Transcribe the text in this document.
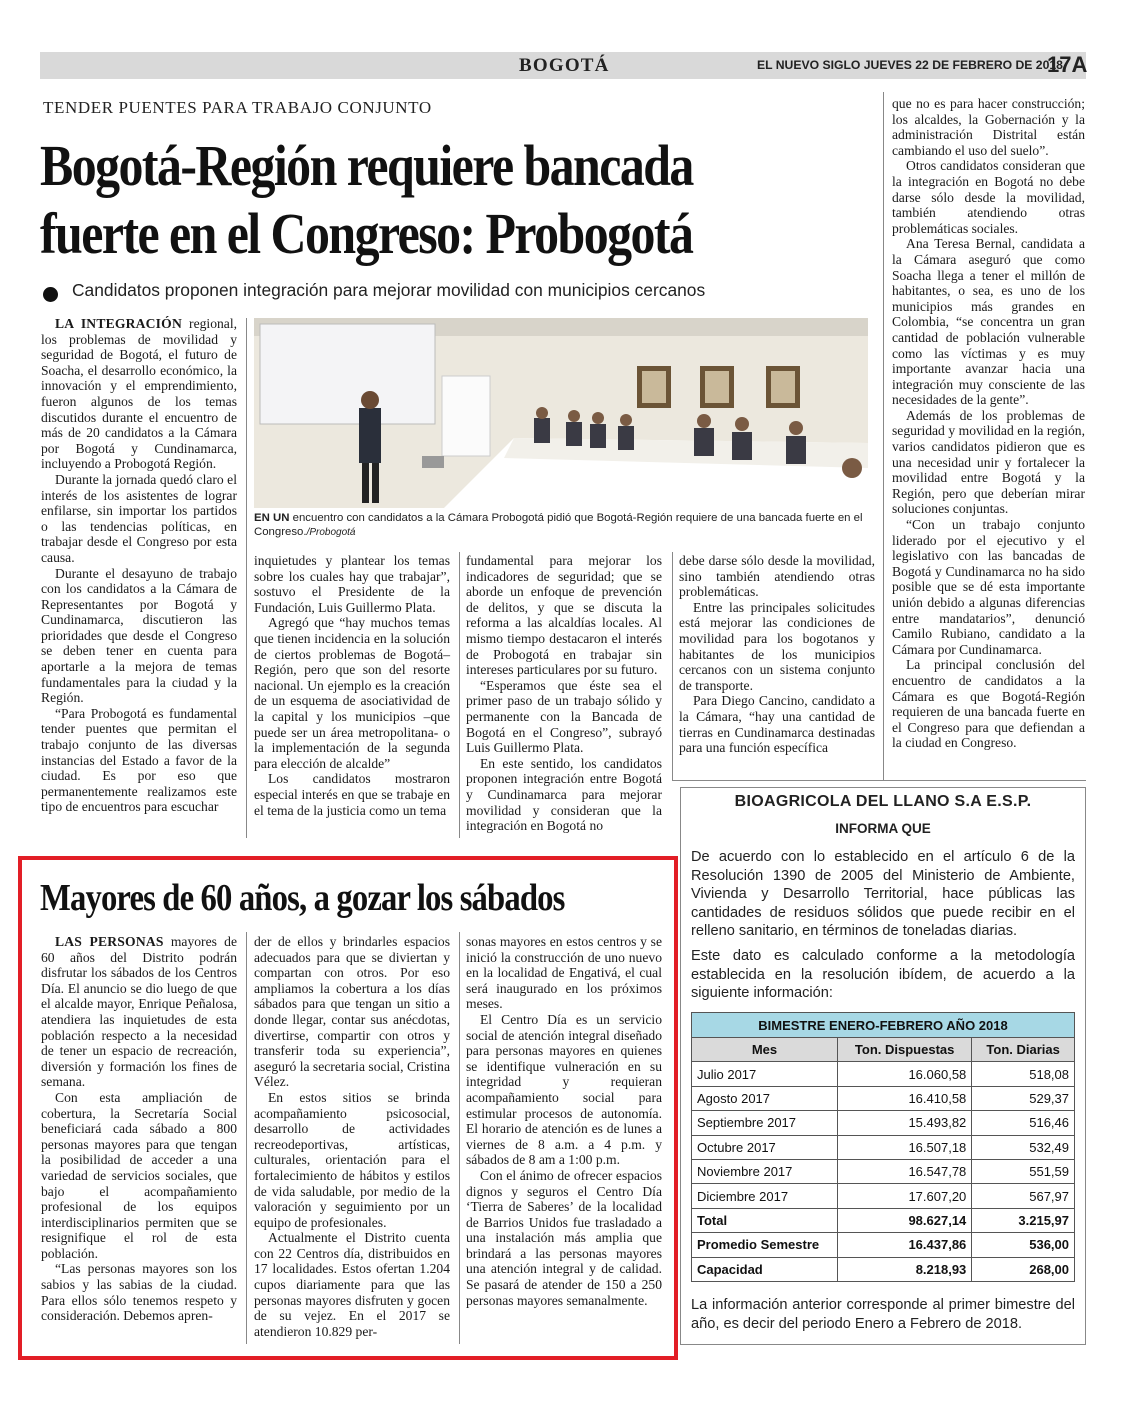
BOGOTÁ	EL NUEVO SIGLO JUEVES 22 DE FEBRERO DE 2018
17A
TENDER PUENTES PARA TRABAJO CONJUNTO
Bogotá-Región requiere bancada
fuerte en el Congreso: Probogotá
Candidatos proponen integración para mejorar movilidad con municipios cercanos
EN UN encuentro con candidatos a la Cámara Probogotá pidió que Bogotá-Región requiere de una bancada fuerte en el Congreso./Probogotá

LA INTEGRACIÓN regional, los problemas de movilidad y seguridad de Bogotá, el futuro de Soacha, el desarrollo económico, la innovación y el emprendimiento, fueron algunos de los temas discutidos durante el encuentro de más de 20 candidatos a la Cámara por Bogotá y Cundinamarca, incluyendo a Probogotá Región.

Durante la jornada quedó claro el interés de los asistentes de lograr enfilarse, sin importar los partidos o las tendencias políticas, en trabajar desde el Congreso por esta causa.

Durante el desayuno de trabajo con los candidatos a la Cámara de Representantes por Bogotá y Cundinamarca, discutieron las prioridades que desde el Congreso se deben tener en cuenta para aportarle a la mejora de temas fundamentales para la ciudad y la Región.

“Para Probogotá es fundamental tender puentes que permitan el trabajo conjunto de las diversas instancias del Estado a favor de la ciudad. Es por eso que permanentemente realizamos este tipo de encuentros para escuchar

inquietudes y plantear los temas sobre los cuales hay que trabajar”, sostuvo el Presidente de la Fundación, Luis Guillermo Plata.

Agregó que “hay muchos temas que tienen incidencia en la solución de ciertos problemas de Bogotá–Región, pero que son del resorte nacional. Un ejemplo es la creación de un esquema de asociatividad de la capital y los municipios –que puede ser un área metropolitana- o la implementación de la segunda para elección de alcalde”

Los candidatos mostraron especial interés en que se trabaje en el tema de la justicia como un tema

fundamental para mejorar los indicadores de seguridad; que se aborde un enfoque de prevención de delitos, y que se discuta la reforma a las alcaldías locales. Al mismo tiempo destacaron el interés de Probogotá en trabajar sin intereses particulares por su futuro.

“Esperamos que éste sea el primer paso de un trabajo sólido y permanente con la Bancada de Bogotá en el Congreso”, subrayó Luis Guillermo Plata.

En este sentido, los candidatos proponen integración entre Bogotá y Cundinamarca para mejorar movilidad y consideran que la integración en Bogotá no

debe darse sólo desde la movilidad, sino también atendiendo otras problemáticas.

Entre las principales solicitudes está mejorar las condiciones de movilidad para los bogotanos y habitantes de los municipios cercanos con un sistema conjunto de transporte.

Para Diego Cancino, candidato a la Cámara, “hay una cantidad de tierras en Cundinamarca destinadas para una función específica

que no es para hacer construcción; los alcaldes, la Gobernación y la administración Distrital están cambiando el uso del suelo”.

Otros candidatos consideran que la integración en Bogotá no debe darse sólo desde la movilidad, también atendiendo otras problemáticas sociales.

Ana Teresa Bernal, candidata a la Cámara aseguró que como Soacha llega a tener el millón de habitantes, o sea, es uno de los municipios más grandes en Colombia, “se concentra un gran cantidad de población vulnerable como las víctimas y es muy importante avanzar hacia una integración muy consciente de las necesidades de la gente”.

Además de los problemas de seguridad y movilidad en la región, varios candidatos pidieron que es una necesidad unir y fortalecer la movilidad entre Bogotá y la Región, pero que deberían mirar soluciones conjuntas.

“Con un trabajo conjunto liderado por el ejecutivo y el legislativo con las bancadas de Bogotá y Cundinamarca no ha sido posible que se dé esta importante unión debido a algunas diferencias entre mandatarios”, denunció Camilo Rubiano, candidato a la Cámara por Cundinamarca.

La principal conclusión del encuentro de candidatos a la Cámara es que Bogotá-Región requieren de una bancada fuerte en el Congreso para que defiendan a la ciudad en Congreso.

Mayores de 60 años, a gozar los sábados

LAS PERSONAS mayores de 60 años del Distrito podrán disfrutar los sábados de los Centros Día. El anuncio se dio luego de que el alcalde mayor, Enrique Peñalosa, atendiera las inquietudes de esta población respecto a la necesidad de tener un espacio de recreación, diversión y formación los fines de semana.

Con esta ampliación de cobertura, la Secretaría Social beneficiará cada sábado a 800 personas mayores para que tengan la posibilidad de acceder a una variedad de servicios sociales, que bajo el acompañamiento profesional de los equipos interdisciplinarios permiten que se resignifique el rol de esta población.

“Las personas mayores son los sabios y las sabias de la ciudad. Para ellos sólo tenemos respeto y consideración. Debemos apren-

der de ellos y brindarles espacios adecuados para que se diviertan y compartan con otros. Por eso ampliamos la cobertura a los días sábados para que tengan un sitio a donde llegar, contar sus anécdotas, divertirse, compartir con otros y transferir toda su experiencia”, aseguró la secretaria social, Cristina Vélez.

En estos sitios se brinda acompañamiento psicosocial, desarrollo de actividades recreodeportivas, artísticas, culturales, orientación para el fortalecimiento de hábitos y estilos de vida saludable, por medio de la valoración y seguimiento por un equipo de profesionales.

Actualmente el Distrito cuenta con 22 Centros día, distribuidos en 17 localidades. Estos ofertan 1.204 cupos diariamente para que las personas mayores disfruten y gocen de su vejez. En el 2017 se atendieron 10.829 per-

sonas mayores en estos centros y se inició la construcción de uno nuevo en la localidad de Engativá, el cual será inaugurado en los próximos meses.

El Centro Día es un servicio social de atención integral diseñado para personas mayores en quienes se identifique vulneración en su integridad y requieran acompañamiento social para estimular procesos de autonomía. El horario de atención es de lunes a viernes de 8 a.m. a 4 p.m. y sábados de 8 am a 1:00 p.m.

Con el ánimo de ofrecer espacios dignos y seguros el Centro Día ‘Tierra de Saberes’ de la localidad de Barrios Unidos fue trasladado a una instalación más amplia que brindará a las personas mayores una atención integral y de calidad. Se pasará de atender de 150 a 250 personas mayores semanalmente.

BIOAGRICOLA DEL LLANO S.A E.S.P.
INFORMA QUE
De acuerdo con lo establecido en el artículo 6 de la Resolución 1390 de 2005 del Ministerio de Ambiente, Vivienda y Desarrollo Territorial, hace públicas las cantidades de residuos sólidos que puede recibir en el relleno sanitario, en términos de toneladas diarias.
Este dato es calculado conforme a la metodología establecida en la resolución ibídem, de acuerdo a la siguiente información:
BIMESTRE ENERO-FEBRERO AÑO 2018		
Mes	Ton. Dispuestas	Ton. Diarias
Julio 2017	16.060,58	518,08
Agosto 2017	16.410,58	529,37
Septiembre 2017	15.493,82	516,46
Octubre 2017	16.507,18	532,49
Noviembre 2017	16.547,78	551,59
Diciembre 2017	17.607,20	567,97
Total	98.627,14	3.215,97
Promedio Semestre	16.437,86	536,00
Capacidad	8.218,93	268,00
La información anterior corresponde al primer bimestre del año, es decir del periodo Enero a Febrero de 2018.
